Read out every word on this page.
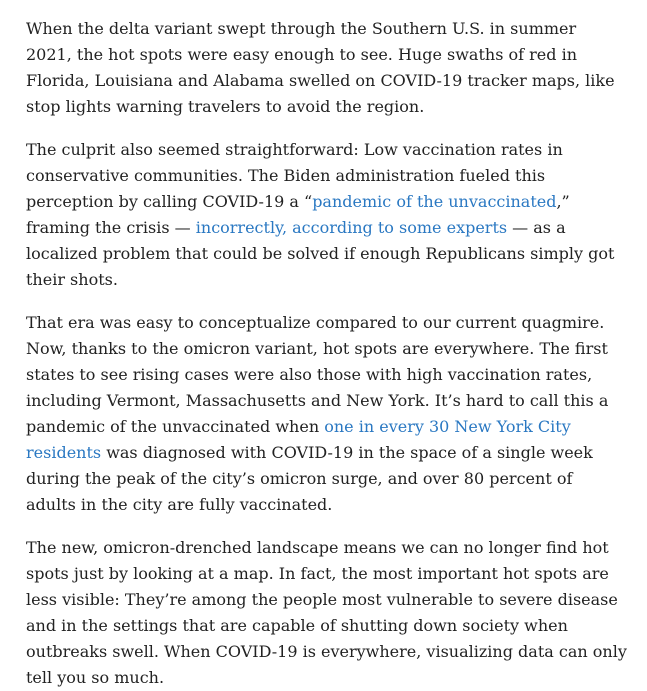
When the delta variant swept through the Southern U.S. in summer 2021, the hot spots were easy enough to see. Huge swaths of red in Florida, Louisiana and Alabama swelled on COVID-19 tracker maps, like stop lights warning travelers to avoid the region.

The culprit also seemed straightforward: Low vaccination rates in conservative communities. The Biden administration fueled this perception by calling COVID-19 a “pandemic of the unvaccinated,” framing the crisis — incorrectly, according to some experts — as a localized problem that could be solved if enough Republicans simply got their shots.

That era was easy to conceptualize compared to our current quagmire. Now, thanks to the omicron variant, hot spots are everywhere. The first states to see rising cases were also those with high vaccination rates, including Vermont, Massachusetts and New York. It’s hard to call this a pandemic of the unvaccinated when one in every 30 New York City residents was diagnosed with COVID-19 in the space of a single week during the peak of the city’s omicron surge, and over 80 percent of adults in the city are fully vaccinated.

The new, omicron-drenched landscape means we can no longer find hot spots just by looking at a map. In fact, the most important hot spots are less visible: They’re among the people most vulnerable to severe disease and in the settings that are capable of shutting down society when outbreaks swell. When COVID-19 is everywhere, visualizing data can only tell you so much.
